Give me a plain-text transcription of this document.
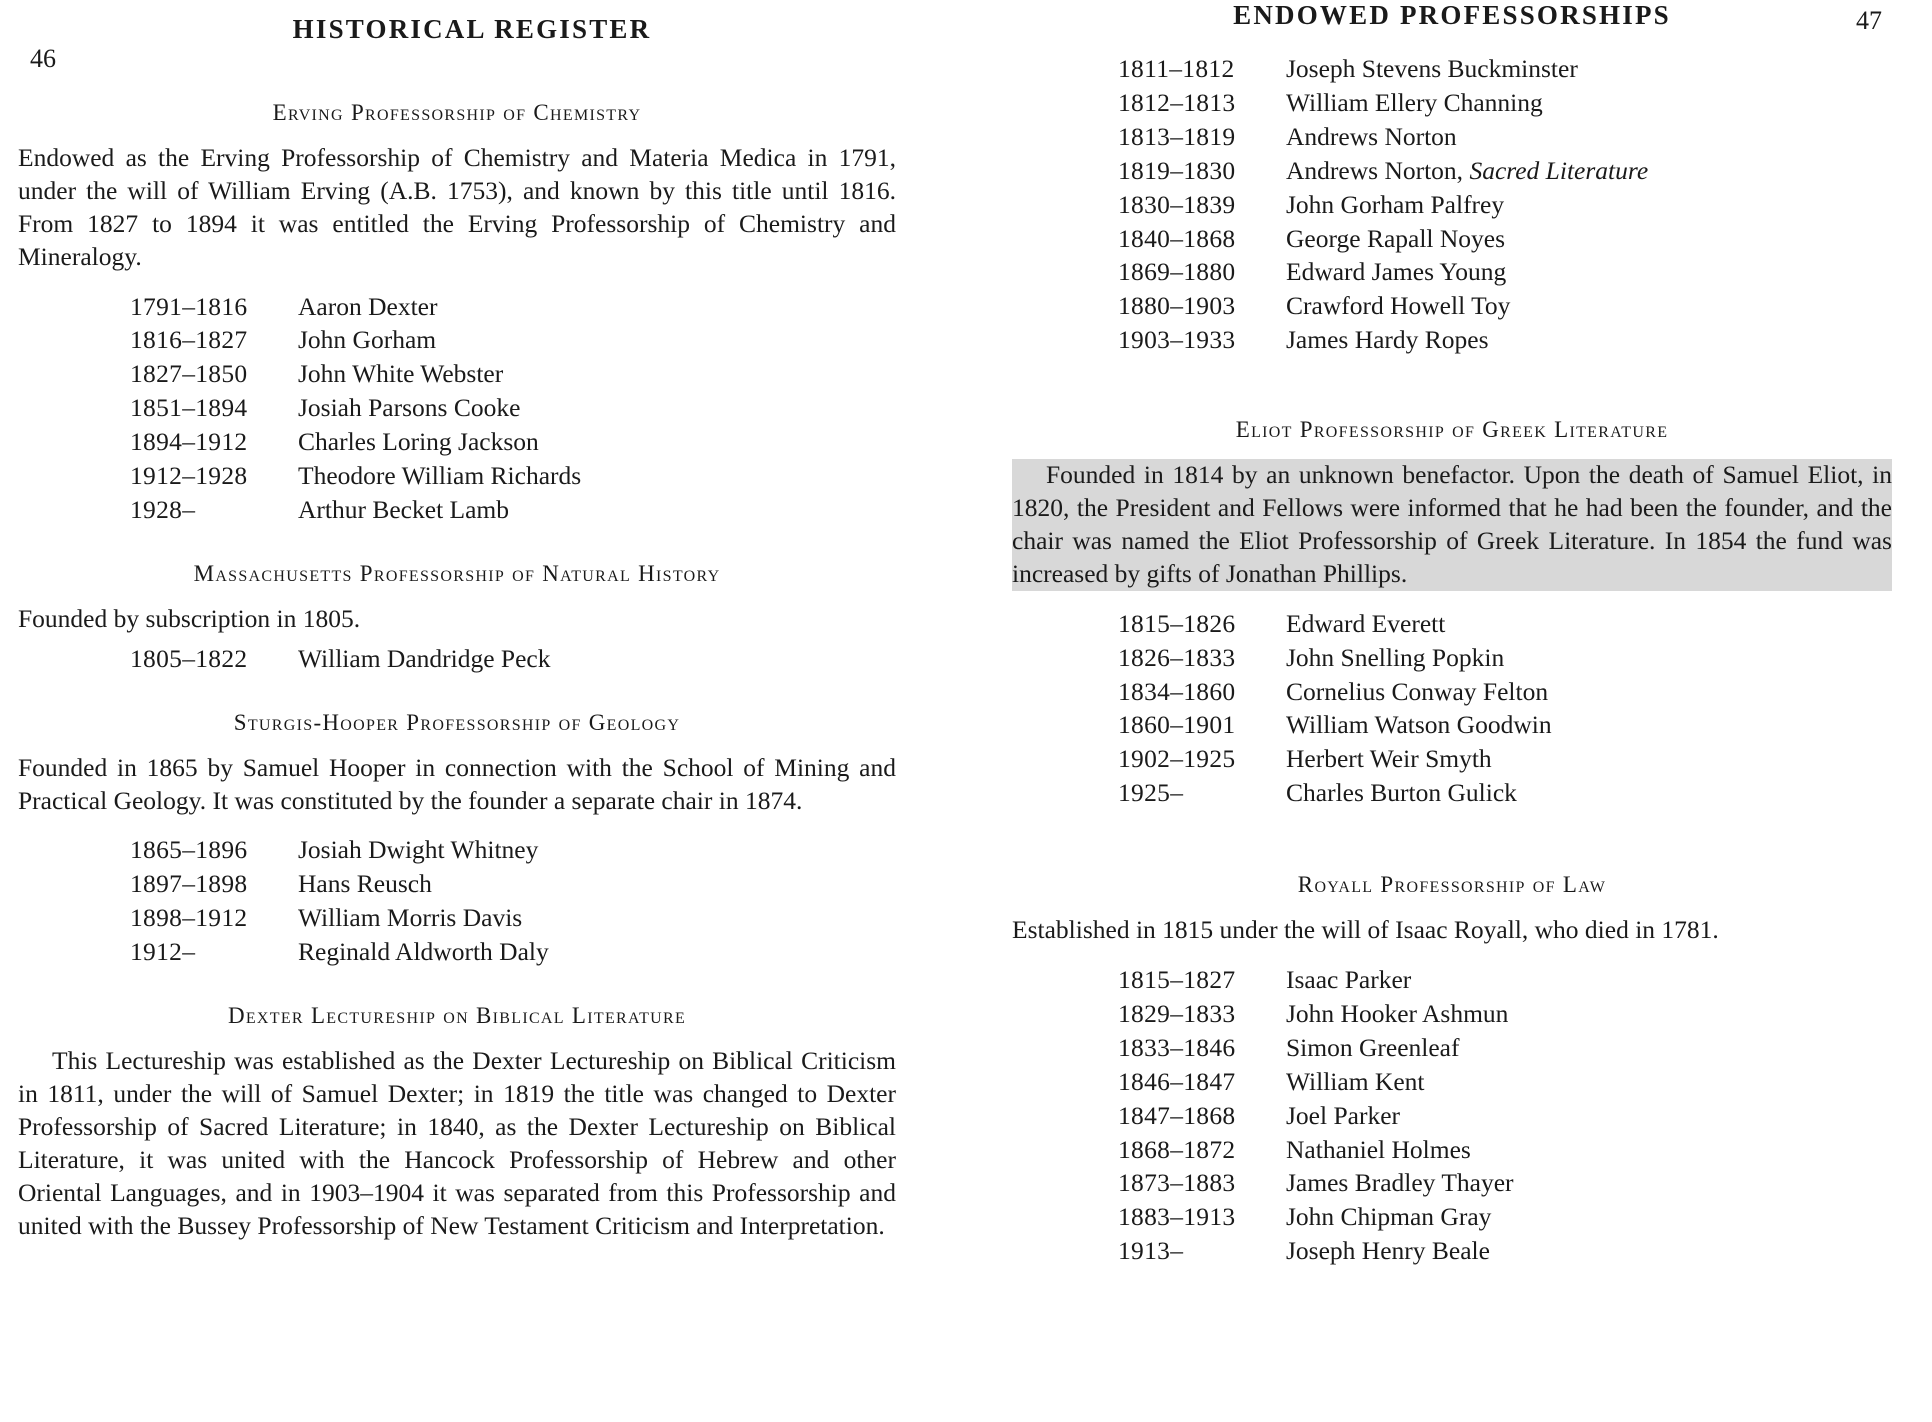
46
HISTORICAL REGISTER
Erving Professorship of Chemistry

Endowed as the Erving Professorship of Chemistry and Materia Medica in 1791, under the will of William Erving (A.B. 1753), and known by this title until 1816. From 1827 to 1894 it was entitled the Erving Professorship of Chemistry and Mineralogy.

1791–1816	Aaron Dexter
1816–1827	John Gorham
1827–1850	John White Webster
1851–1894	Josiah Parsons Cooke
1894–1912	Charles Loring Jackson
1912–1928	Theodore William Richards
1928–	Arthur Becket Lamb
Massachusetts Professorship of Natural History

Founded by subscription in 1805.

1805–1822	William Dandridge Peck
Sturgis-Hooper Professorship of Geology

Founded in 1865 by Samuel Hooper in connection with the School of Mining and Practical Geology. It was constituted by the founder a separate chair in 1874.

1865–1896	Josiah Dwight Whitney
1897–1898	Hans Reusch
1898–1912	William Morris Davis
1912–	Reginald Aldworth Daly
Dexter Lectureship on Biblical Literature

This Lectureship was established as the Dexter Lectureship on Biblical Criticism in 1811, under the will of Samuel Dexter; in 1819 the title was changed to Dexter Professorship of Sacred Literature; in 1840, as the Dexter Lectureship on Biblical Literature, it was united with the Hancock Professorship of Hebrew and other Oriental Languages, and in 1903–1904 it was separated from this Professorship and united with the Bussey Professorship of New Testament Criticism and Interpretation.

ENDOWED PROFESSORSHIPS	47
1811–1812	Joseph Stevens Buckminster
1812–1813	William Ellery Channing
1813–1819	Andrews Norton
1819–1830	Andrews Norton, Sacred Literature
1830–1839	John Gorham Palfrey
1840–1868	George Rapall Noyes
1869–1880	Edward James Young
1880–1903	Crawford Howell Toy
1903–1933	James Hardy Ropes
Eliot Professorship of Greek Literature

Founded in 1814 by an unknown benefactor. Upon the death of Samuel Eliot, in 1820, the President and Fellows were informed that he had been the founder, and the chair was named the Eliot Professorship of Greek Literature. In 1854 the fund was increased by gifts of Jonathan Phillips.

1815–1826	Edward Everett
1826–1833	John Snelling Popkin
1834–1860	Cornelius Conway Felton
1860–1901	William Watson Goodwin
1902–1925	Herbert Weir Smyth
1925–	Charles Burton Gulick
Royall Professorship of Law

Established in 1815 under the will of Isaac Royall, who died in 1781.

1815–1827	Isaac Parker
1829–1833	John Hooker Ashmun
1833–1846	Simon Greenleaf
1846–1847	William Kent
1847–1868	Joel Parker
1868–1872	Nathaniel Holmes
1873–1883	James Bradley Thayer
1883–1913	John Chipman Gray
1913–	Joseph Henry Beale
